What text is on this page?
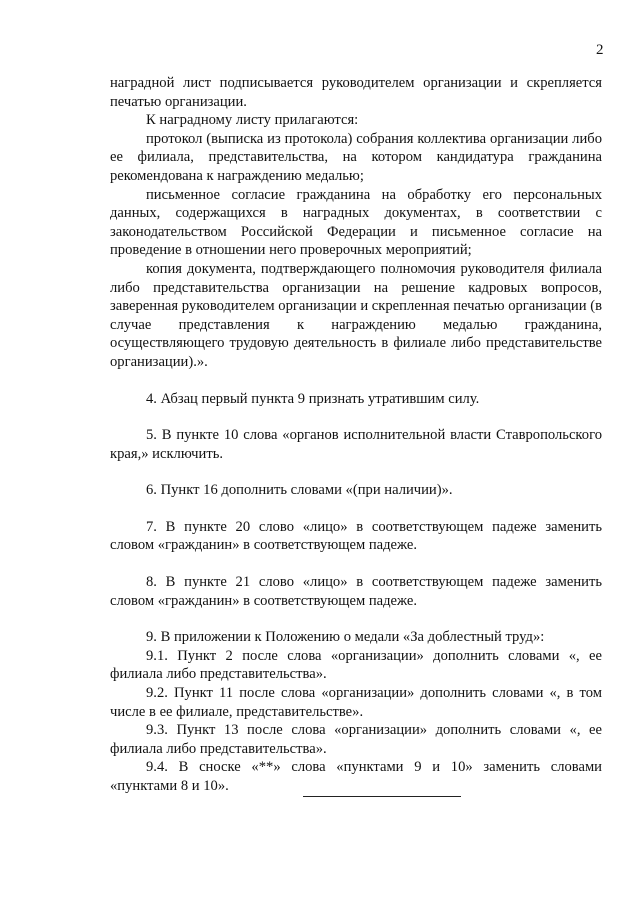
2

наградной лист подписывается руководителем организации и скрепляется печатью организации.

К наградному листу прилагаются:

протокол (выписка из протокола) собрания коллектива организации либо ее филиала, представительства, на котором кандидатура гражданина рекомендована к награждению медалью;

письменное согласие гражданина на обработку его персональных данных, содержащихся в наградных документах, в соответствии с законодательством Российской Федерации и письменное согласие на проведение в отношении него проверочных мероприятий;

копия документа, подтверждающего полномочия руководителя филиала либо представительства организации на решение кадровых вопросов, заверенная руководителем организации и скрепленная печатью организации (в случае представления к награждению медалью гражданина, осуществляющего трудовую деятельность в филиале либо представительстве организации).».

4. Абзац первый пункта 9 признать утратившим силу.

5. В пункте 10 слова «органов исполнительной власти Ставропольского края,» исключить.

6. Пункт 16 дополнить словами «(при наличии)».

7. В пункте 20 слово «лицо» в соответствующем падеже заменить словом «гражданин» в соответствующем падеже.

8. В пункте 21 слово «лицо» в соответствующем падеже заменить словом «гражданин» в соответствующем падеже.

9. В приложении к Положению о медали «За доблестный труд»:

9.1. Пункт 2 после слова «организации» дополнить словами «, ее филиала либо представительства».

9.2. Пункт 11 после слова «организации» дополнить словами «, в том числе в ее филиале, представительстве».

9.3. Пункт 13 после слова «организации» дополнить словами «, ее филиала либо представительства».

9.4. В сноске «**» слова «пунктами 9 и 10» заменить словами «пунктами 8 и 10».
